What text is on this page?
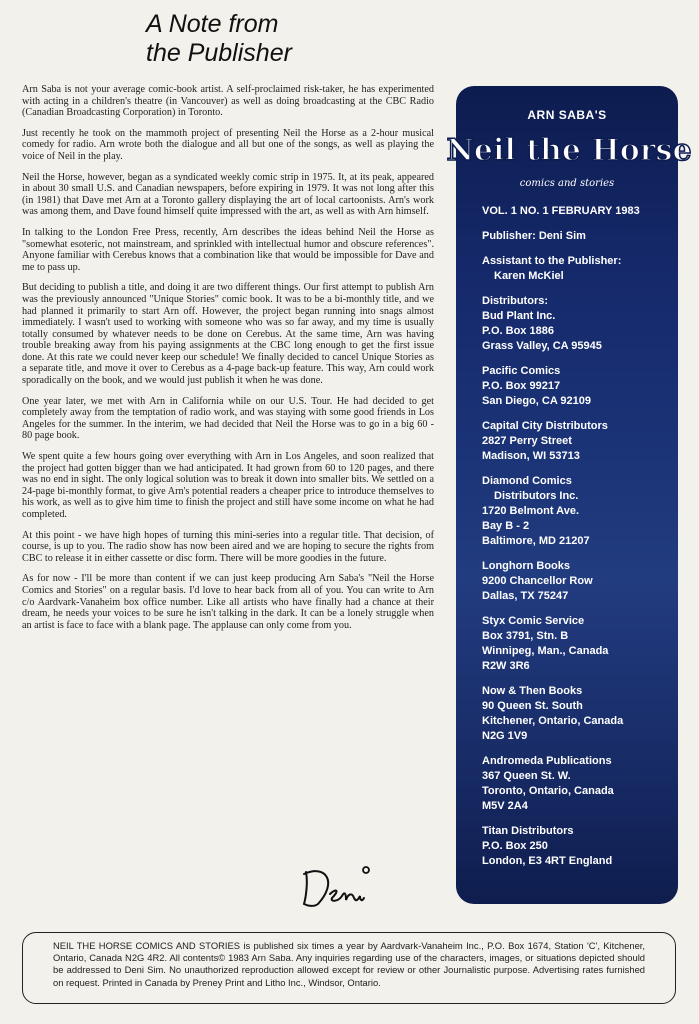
A Note from
the Publisher

Arn Saba is not your average comic-book artist. A self-proclaimed risk-taker, he has experimented with acting in a children's theatre (in Vancouver) as well as doing broadcasting at the CBC Radio (Canadian Broadcasting Corporation) in Toronto.

Just recently he took on the mammoth project of presenting Neil the Horse as a 2-hour musical comedy for radio. Arn wrote both the dialogue and all but one of the songs, as well as playing the voice of Neil in the play.

Neil the Horse, however, began as a syndicated weekly comic strip in 1975. It, at its peak, appeared in about 30 small U.S. and Canadian newspapers, before expiring in 1979. It was not long after this (in 1981) that Dave met Arn at a Toronto gallery displaying the art of local cartoonists. Arn's work was among them, and Dave found himself quite impressed with the art, as well as with Arn himself.

In talking to the London Free Press, recently, Arn describes the ideas behind Neil the Horse as "somewhat esoteric, not mainstream, and sprinkled with intellectual humor and obscure references". Anyone familiar with Cerebus knows that a combination like that would be impossible for Dave and me to pass up.

But deciding to publish a title, and doing it are two different things. Our first attempt to publish Arn was the previously announced "Unique Stories" comic book. It was to be a bi-monthly title, and we had planned it primarily to start Arn off. However, the project began running into snags almost immediately. I wasn't used to working with someone who was so far away, and my time is usually totally consumed by whatever needs to be done on Cerebus. At the same time, Arn was having trouble breaking away from his paying assignments at the CBC long enough to get the first issue done. At this rate we could never keep our schedule! We finally decided to cancel Unique Stories as a separate title, and move it over to Cerebus as a 4-page back-up feature. This way, Arn could work sporadically on the book, and we would just publish it when he was done.

One year later, we met with Arn in California while on our U.S. Tour. He had decided to get completely away from the temptation of radio work, and was staying with some good friends in Los Angeles for the summer. In the interim, we had decided that Neil the Horse was to go in a big 60 - 80 page book.

We spent quite a few hours going over everything with Arn in Los Angeles, and soon realized that the project had gotten bigger than we had anticipated. It had grown from 60 to 120 pages, and there was no end in sight. The only logical solution was to break it down into smaller bits. We settled on a 24-page bi-monthly format, to give Arn's potential readers a cheaper price to introduce themselves to his work, as well as to give him time to finish the project and still have some income on what he had completed.

At this point - we have high hopes of turning this mini-series into a regular title. That decision, of course, is up to you. The radio show has now been aired and we are hoping to secure the rights from CBC to release it in either cassette or disc form. There will be more goodies in the future.

As for now - I'll be more than content if we can just keep producing Arn Saba's "Neil the Horse Comics and Stories" on a regular basis. I'd love to hear back from all of you. You can write to Arn c/o Aardvark-Vanaheim box office number. Like all artists who have finally had a chance at their dream, he needs your voices to be sure he isn't talking in the dark. It can be a lonely struggle when an artist is face to face with a blank page. The applause can only come from you.

ARN SABA'S
Neil the Horse
comics and stories
VOL. 1 NO. 1 FEBRUARY 1983
Publisher: Deni Sim
Assistant to the Publisher:
Karen McKiel
Distributors:
Bud Plant Inc.
P.O. Box 1886
Grass Valley, CA 95945
Pacific Comics
P.O. Box 99217
San Diego, CA 92109
Capital City Distributors
2827 Perry Street
Madison, WI 53713
Diamond Comics
Distributors Inc.
1720 Belmont Ave.
Bay B - 2
Baltimore, MD 21207
Longhorn Books
9200 Chancellor Row
Dallas, TX 75247
Styx Comic Service
Box 3791, Stn. B
Winnipeg, Man., Canada
R2W 3R6
Now & Then Books
90 Queen St. South
Kitchener, Ontario, Canada
N2G 1V9
Andromeda Publications
367 Queen St. W.
Toronto, Ontario, Canada
M5V 2A4
Titan Distributors
P.O. Box 250
London, E3 4RT England
NEIL THE HORSE COMICS AND STORIES is published six times a year by Aardvark-Vanaheim Inc., P.O. Box 1674, Station 'C', Kitchener, Ontario, Canada N2G 4R2. All contents© 1983 Arn Saba. Any inquiries regarding use of the characters, images, or situations depicted should be addressed to Deni Sim. No unauthorized reproduction allowed except for review or other Journalistic purpose. Advertising rates furnished on request. Printed in Canada by Preney Print and Litho Inc., Windsor, Ontario.
